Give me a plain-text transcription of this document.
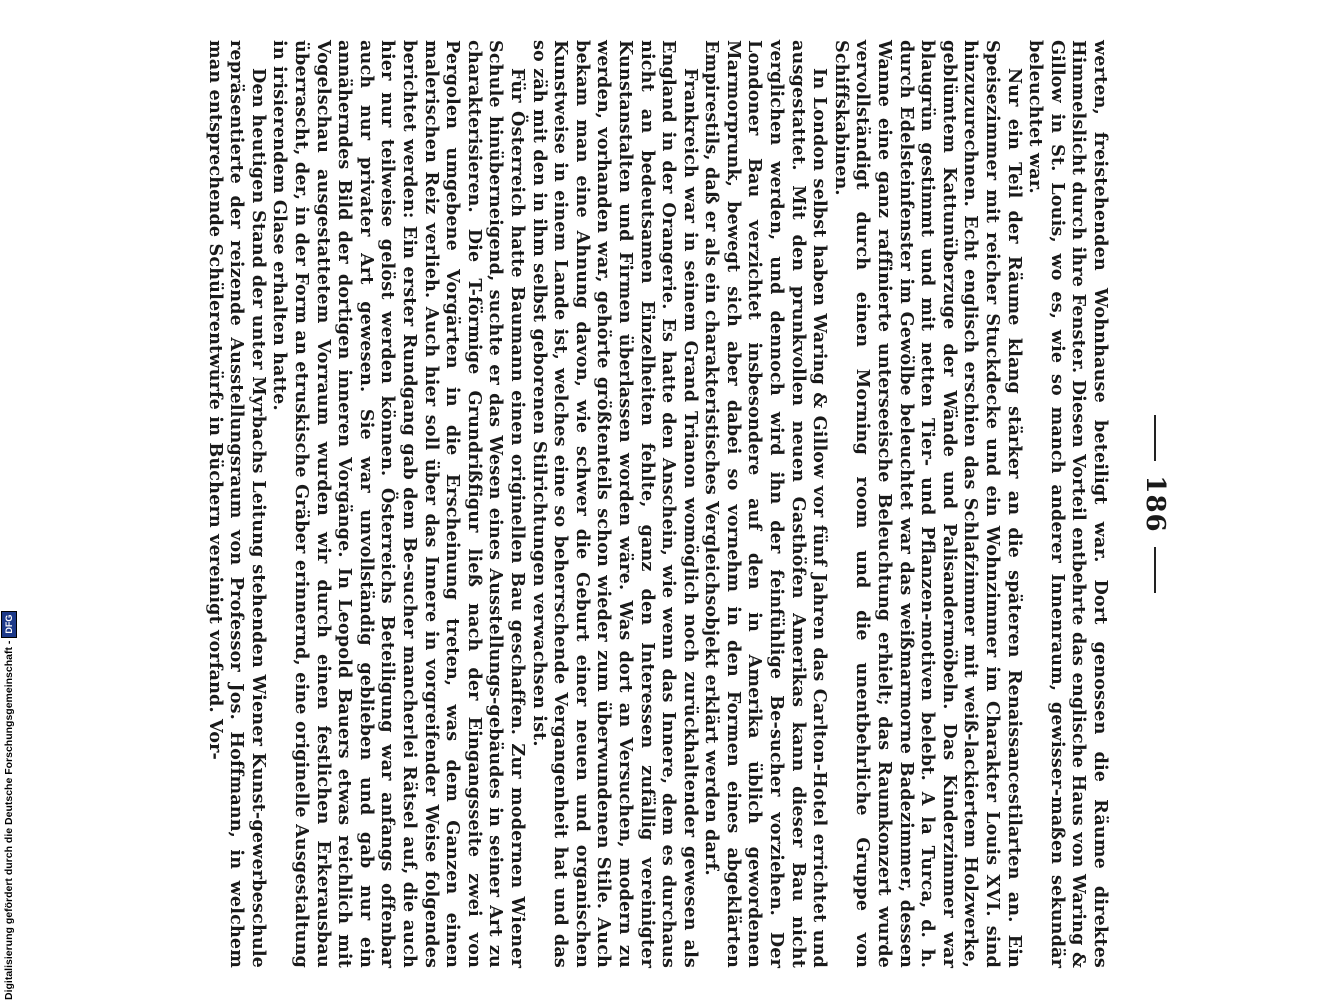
Digitalisierung gefördert durch die Deutsche Forschungsgemeinschaft -
DFG
186

werten, freistehenden Wohnhause beteiligt war. Dort genossen die Räume direktes Himmelslicht durch ihre Fenster. Diesen Vorteil entbehrte das englische Haus von Waring & Gillow in St. Louis, wo es, wie so manch anderer Innenraum, gewisser-maßen sekundär beleuchtet war.

Nur ein Teil der Räume klang stärker an die späteren Renaissancestilarten an. Ein Speisezimmer mit reicher Stuckdecke und ein Wohnzimmer im Charakter Louis XVI. sind hinzuzurechnen. Echt englisch erschien das Schlafzimmer mit weiß-lackiertem Holzwerke, geblümtem Kattunüberzuge der Wände und Palisandermöbeln. Das Kinderzimmer war blaugrün gestimmt und mit netten Tier- und Pflanzen-motiven belebt. A la Turca, d. h. durch Edelsteinfenster im Gewölbe beleuchtet war das weißmarmorne Badezimmer, dessen Wanne eine ganz raffinierte unterseeische Beleuchtung erhielt; das Raumkonzert wurde vervollständigt durch einen Morning room und die unentbehrliche Gruppe von Schiffskabinen.

In London selbst haben Waring & Gillow vor fünf Jahren das Carlton-Hotel errichtet und ausgestattet. Mit den prunkvollen neuen Gasthöfen Amerikas kann dieser Bau nicht verglichen werden, und dennoch wird ihn der feinfühlige Be-sucher vorziehen. Der Londoner Bau verzichtet insbesondere auf den in Amerika üblich gewordenen Marmorprunk, bewegt sich aber dabei so vornehm in den Formen eines abgeklärten Empirestils, daß er als ein charakteristisches Vergleichsobjekt erklärt werden darf.

Frankreich war in seinem Grand Trianon womöglich noch zurückhaltender gewesen als England in der Orangerie. Es hatte den Anschein, wie wenn das Innere, dem es durchaus nicht an bedeutsamen Einzelheiten fehlte, ganz den Interessen zufällig vereinigter Kunstanstalten und Firmen überlassen worden wäre. Was dort an Versuchen, modern zu werden, vorhanden war, gehörte größtenteils schon wieder zum überwundenen Stile. Auch bekam man eine Ahnung davon, wie schwer die Geburt einer neuen und organischen Kunstweise in einem Lande ist, welches eine so beherrschende Vergangenheit hat und das so zäh mit den in ihm selbst geborenen Stilrichtungen verwachsen ist.

Für Österreich hatte Baumann einen originellen Bau geschaffen. Zur modernen Wiener Schule hinüberneigend, suchte er das Wesen eines Ausstellungs-gebäudes in seiner Art zu charakterisieren. Die T-förmige Grundrißfigur ließ nach der Eingangsseite zwei von Pergolen umgebene Vorgärten in die Erscheinung treten, was dem Ganzen einen malerischen Reiz verlieh. Auch hier soll über das Innere in vorgreifender Weise folgendes berichtet werden: Ein erster Rundgang gab dem Be-sucher mancherlei Rätsel auf, die auch hier nur teilweise gelöst werden können. Österreichs Beteiligung war anfangs offenbar auch nur privater Art gewesen. Sie war unvollständig geblieben und gab nur ein annäherndes Bild der dortigen inneren Vorgänge. In Leopold Bauers etwas reichlich mit Vogelschau ausgestattetem Vorraum wurden wir durch einen festlichen Erkerausbau überrascht, der, in der Form an etruskische Gräber erinnernd, eine originelle Ausgestaltung in irisierendem Glase erhalten hatte.

Den heutigen Stand der unter Myrbachs Leitung stehenden Wiener Kunst-gewerbeschule repräsentierte der reizende Ausstellungsraum von Professor Jos. Hoffmann, in welchem man entsprechende Schülerentwürfe in Büchern vereinigt vorfand. Vor-
